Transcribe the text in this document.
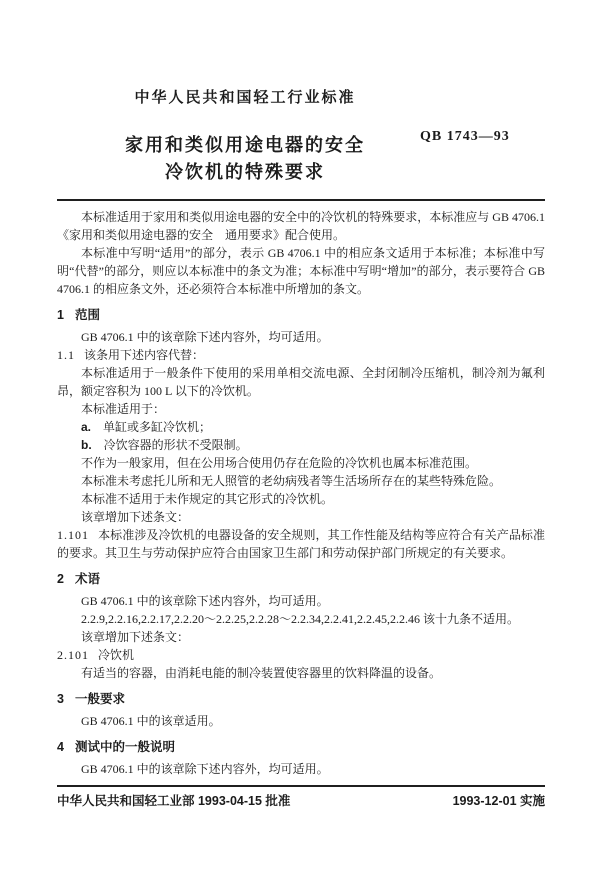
QB 1743—93
中华人民共和国轻工行业标准
家用和类似用途电器的安全
冷饮机的特殊要求
本标准适用于家用和类似用途电器的安全中的冷饮机的特殊要求，本标准应与 GB 4706.1《家用和类似用途电器的安全　通用要求》配合使用。
本标准中写明“适用”的部分，表示 GB 4706.1 中的相应条文适用于本标准；本标准中写明“代替”的部分，则应以本标准中的条文为准；本标准中写明“增加”的部分，表示要符合 GB 4706.1 的相应条文外，还必须符合本标准中所增加的条文。
1 范围
GB 4706.1 中的该章除下述内容外，均可适用。
1.1 该条用下述内容代替：
本标准适用于一般条件下使用的采用单相交流电源、全封闭制冷压缩机，制冷剂为氟利昂，额定容积为 100 L 以下的冷饮机。
本标准适用于：
a. 单缸或多缸冷饮机；
b. 冷饮容器的形状不受限制。
不作为一般家用，但在公用场合使用仍存在危险的冷饮机也属本标准范围。
本标准未考虑托儿所和无人照管的老幼病残者等生活场所存在的某些特殊危险。
本标准不适用于未作规定的其它形式的冷饮机。
该章增加下述条文：
1.101 本标准涉及冷饮机的电器设备的安全规则，其工作性能及结构等应符合有关产品标准的要求。其卫生与劳动保护应符合由国家卫生部门和劳动保护部门所规定的有关要求。
2 术语
GB 4706.1 中的该章除下述内容外，均可适用。
2.2.9,2.2.16,2.2.17,2.2.20～2.2.25,2.2.28～2.2.34,2.2.41,2.2.45,2.2.46 该十九条不适用。
该章增加下述条文：
2.101 冷饮机
有适当的容器，由消耗电能的制冷装置使容器里的饮料降温的设备。
3 一般要求
GB 4706.1 中的该章适用。
4 测试中的一般说明
GB 4706.1 中的该章除下述内容外，均可适用。
中华人民共和国轻工业部 1993-04-15 批准	1993-12-01 实施
